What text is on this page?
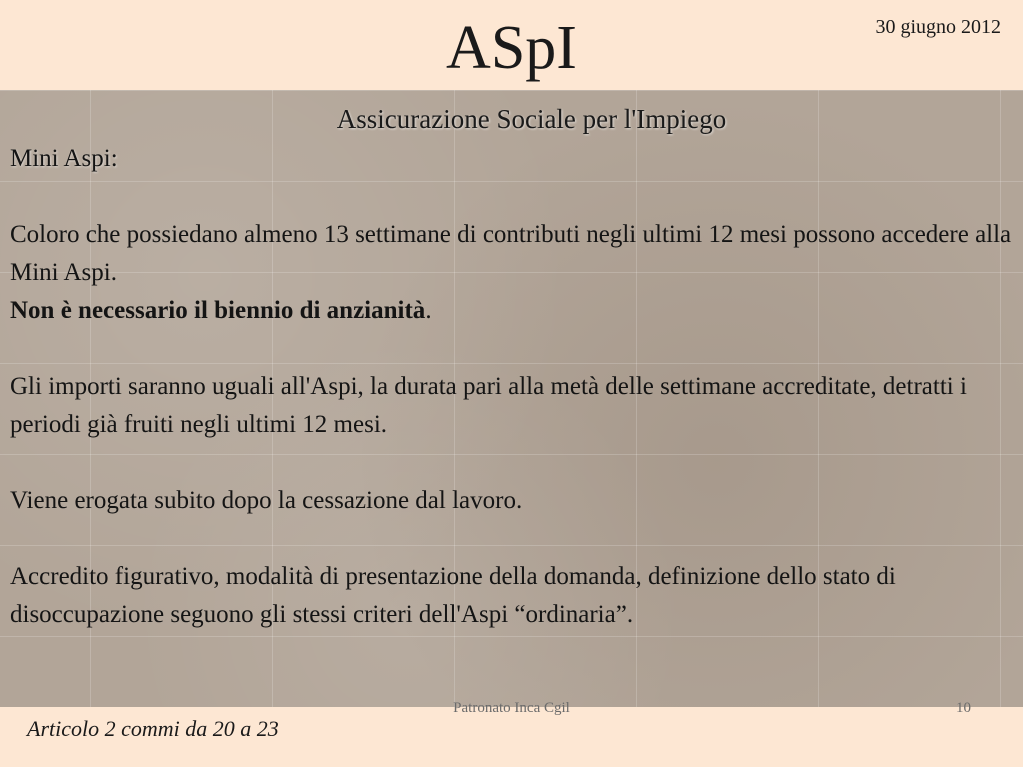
ASpI	30 giugno 2012
Assicurazione Sociale per l'Impiego

Mini Aspi:

Coloro che possiedano almeno 13 settimane di contributi negli ultimi 12 mesi possono accedere alla Mini Aspi.

Non è necessario il biennio di anzianità.

Gli importi saranno uguali all'Aspi, la durata pari alla metà delle settimane accreditate, detratti i periodi già fruiti negli ultimi 12 mesi.

Viene erogata subito dopo la cessazione dal lavoro.

Accredito figurativo, modalità di presentazione della domanda, definizione dello stato di disoccupazione seguono gli stessi criteri dell'Aspi “ordinaria”.

Patronato Inca Cgil	10
Articolo 2 commi da 20 a 23
